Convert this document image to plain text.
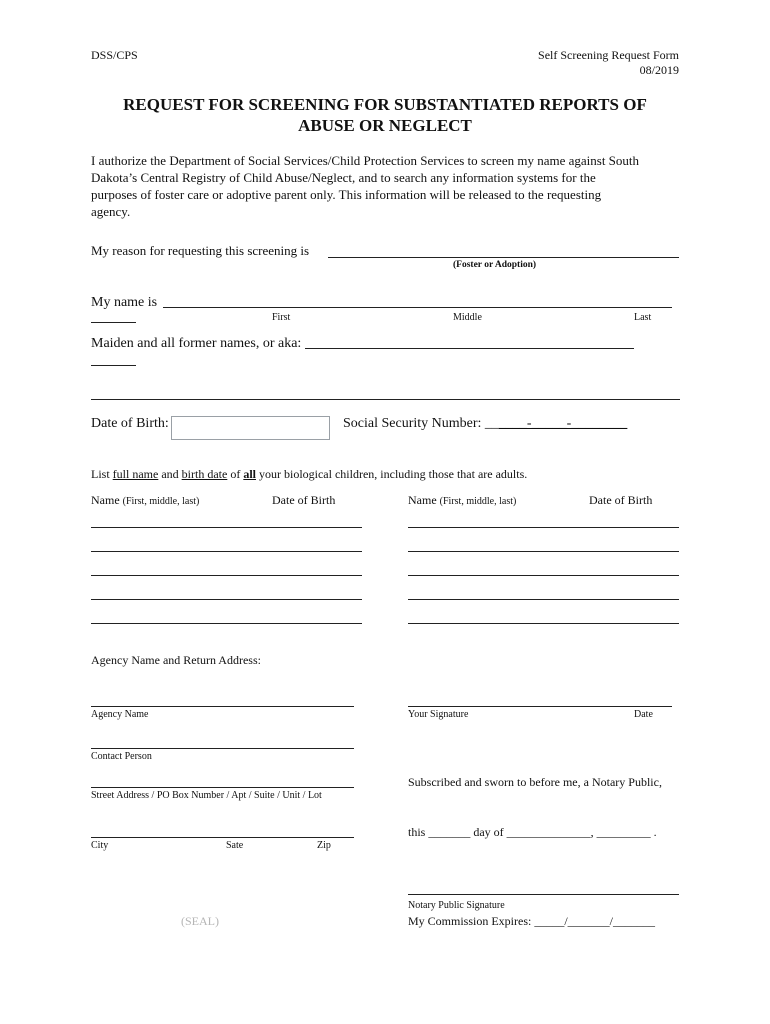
DSS/CPS	Self Screening Request Form
08/2019
REQUEST FOR SCREENING FOR SUBSTANTIATED REPORTS OF
ABUSE OR NEGLECT
I authorize the Department of Social Services/Child Protection Services to screen my name against South
Dakota’s Central Registry of Child Abuse/Neglect, and to search any information systems for the
purposes of foster care or adoptive parent only. This information will be released to the requesting
agency.
My reason for requesting this screening is
(Foster or Adoption)
My name is
First	Middle	Last
Maiden and all former names, or aka:
Date of Birth:	Social Security Number: ______-_____-________
List full name and birth date of all your biological children, including those that are adults.
Name (First, middle, last)	Date of Birth	Name (First, middle, last)	Date of Birth
Agency Name and Return Address:
Agency Name	Your Signature	Date
Contact Person
Street Address / PO Box Number / Apt / Suite / Unit / Lot
Subscribed and sworn to before me, a Notary Public,
City	Sate	Zip
this _______ day of ______________, _________ .
Notary Public Signature
My Commission Expires: _____/_______/_______
(SEAL)
